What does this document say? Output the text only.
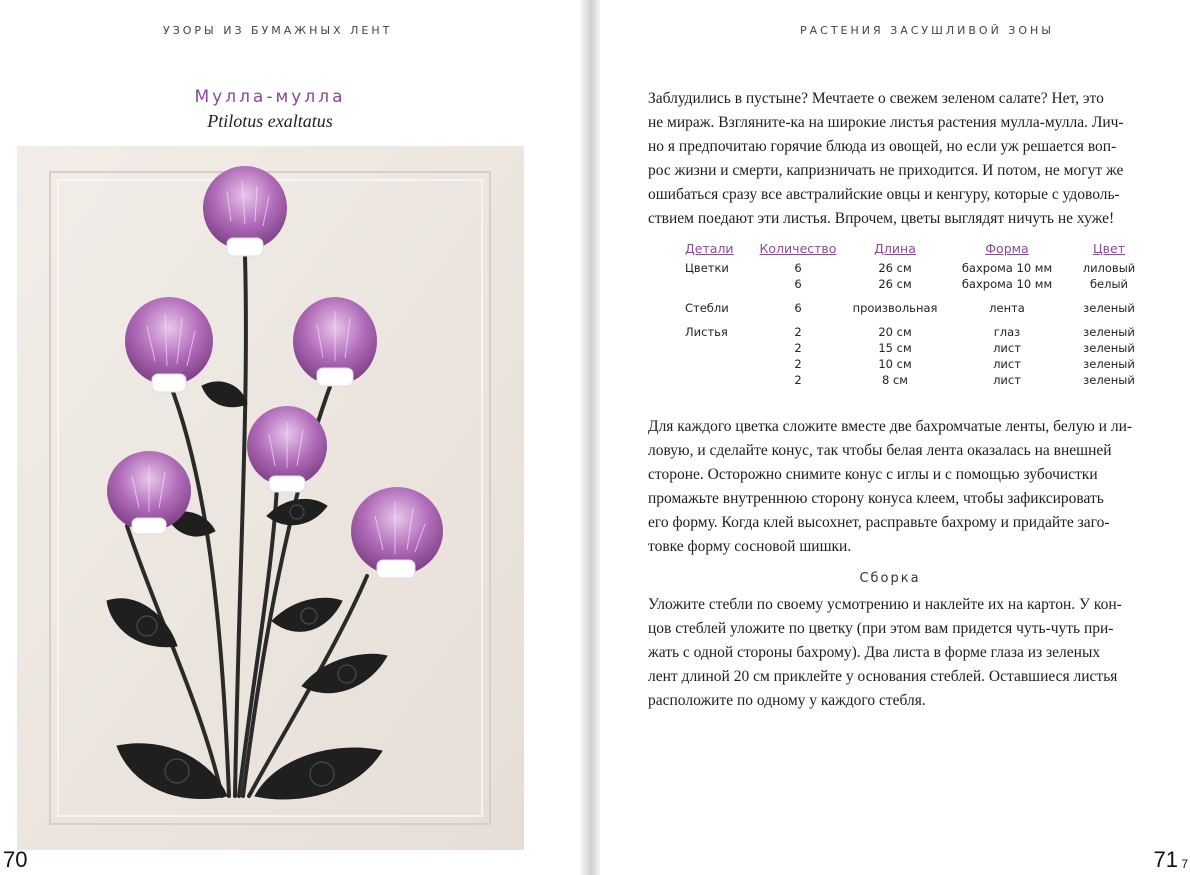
УЗОРЫ ИЗ БУМАЖНЫХ ЛЕНТ
Мулла-мулла
Ptilotus exaltatus
70
РАСТЕНИЯ ЗАСУШЛИВОЙ ЗОНЫ
Заблудились в пустыне? Мечтаете о свежем зеленом салате? Нет, это
не мираж. Взгляните-ка на широкие листья растения мулла-мулла. Лич-
но я предпочитаю горячие блюда из овощей, но если уж решается воп-
рос жизни и смерти, капризничать не приходится. И потом, не могут же
ошибаться сразу все австралийские овцы и кенгуру, которые с удоволь-
ствием поедают эти листья. Впрочем, цветы выглядят ничуть не хуже!
Детали	Количество	Длина	Форма	Цвет
Цветки	6	26 см	бахрома 10 мм	лиловый
	6	26 см	бахрома 10 мм	белый
Стебли	6	произвольная	лента	зеленый
Листья	2	20 см	глаз	зеленый
	2	15 см	лист	зеленый
	2	10 см	лист	зеленый
	2	8 см	лист	зеленый
Для каждого цветка сложите вместе две бахромчатые ленты, белую и ли-
ловую, и сделайте конус, так чтобы белая лента оказалась на внешней
стороне. Осторожно снимите конус с иглы и с помощью зубочистки
промажьте внутреннюю сторону конуса клеем, чтобы зафиксировать
его форму. Когда клей высохнет, расправьте бахрому и придайте заго-
товке форму сосновой шишки.
Сборка
Уложите стебли по своему усмотрению и наклейте их на картон. У кон-
цов стеблей уложите по цветку (при этом вам придется чуть-чуть при-
жать с одной стороны бахрому). Два листа в форме глаза из зеленых
лент длиной 20 см приклейте у основания стеблей. Оставшиеся листья
расположите по одному у каждого стебля.
71 7
